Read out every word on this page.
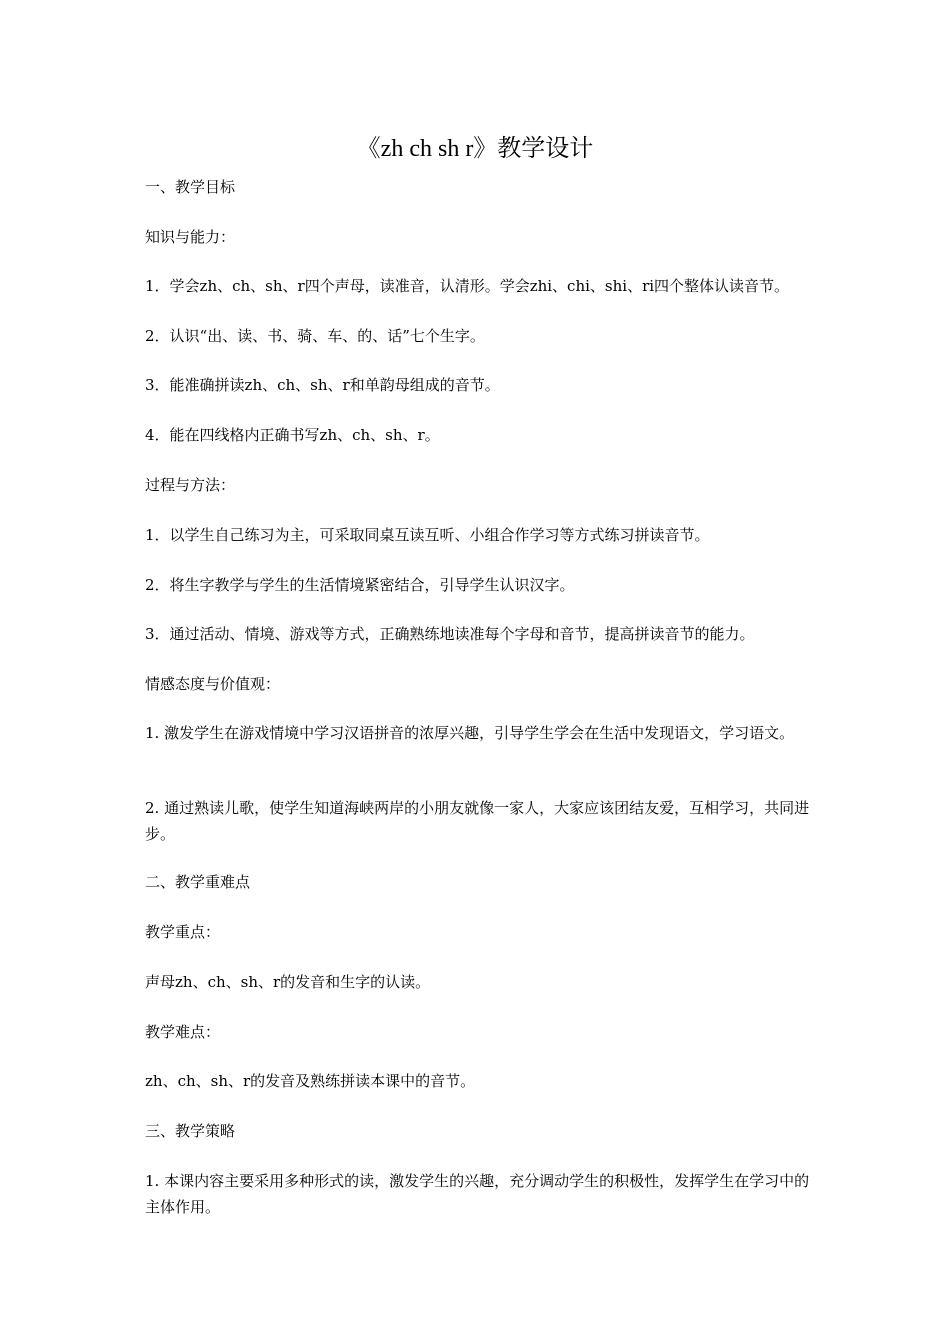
《zh ch sh r》教学设计
一、教学目标
知识与能力：
1．学会zh、ch、sh、r四个声母，读准音，认清形。学会zhi、chi、shi、ri四个整体认读音节。
2．认识“出、读、书、骑、车、的、话”七个生字。
3．能准确拼读zh、ch、sh、r和单韵母组成的音节。
4．能在四线格内正确书写zh、ch、sh、r。
过程与方法：
1．以学生自己练习为主，可采取同桌互读互听、小组合作学习等方式练习拼读音节。
2．将生字教学与学生的生活情境紧密结合，引导学生认识汉字。
3．通过活动、情境、游戏等方式，正确熟练地读准每个字母和音节，提高拼读音节的能力。
情感态度与价值观：
1. 激发学生在游戏情境中学习汉语拼音的浓厚兴趣，引导学生学会在生活中发现语文，学习语文。
2. 通过熟读儿歌，使学生知道海峡两岸的小朋友就像一家人，大家应该团结友爱，互相学习，共同进步。
二、教学重难点
教学重点：
声母zh、ch、sh、r的发音和生字的认读。
教学难点：
zh、ch、sh、r的发音及熟练拼读本课中的音节。
三、教学策略
1. 本课内容主要采用多种形式的读，激发学生的兴趣，充分调动学生的积极性，发挥学生在学习中的主体作用。
